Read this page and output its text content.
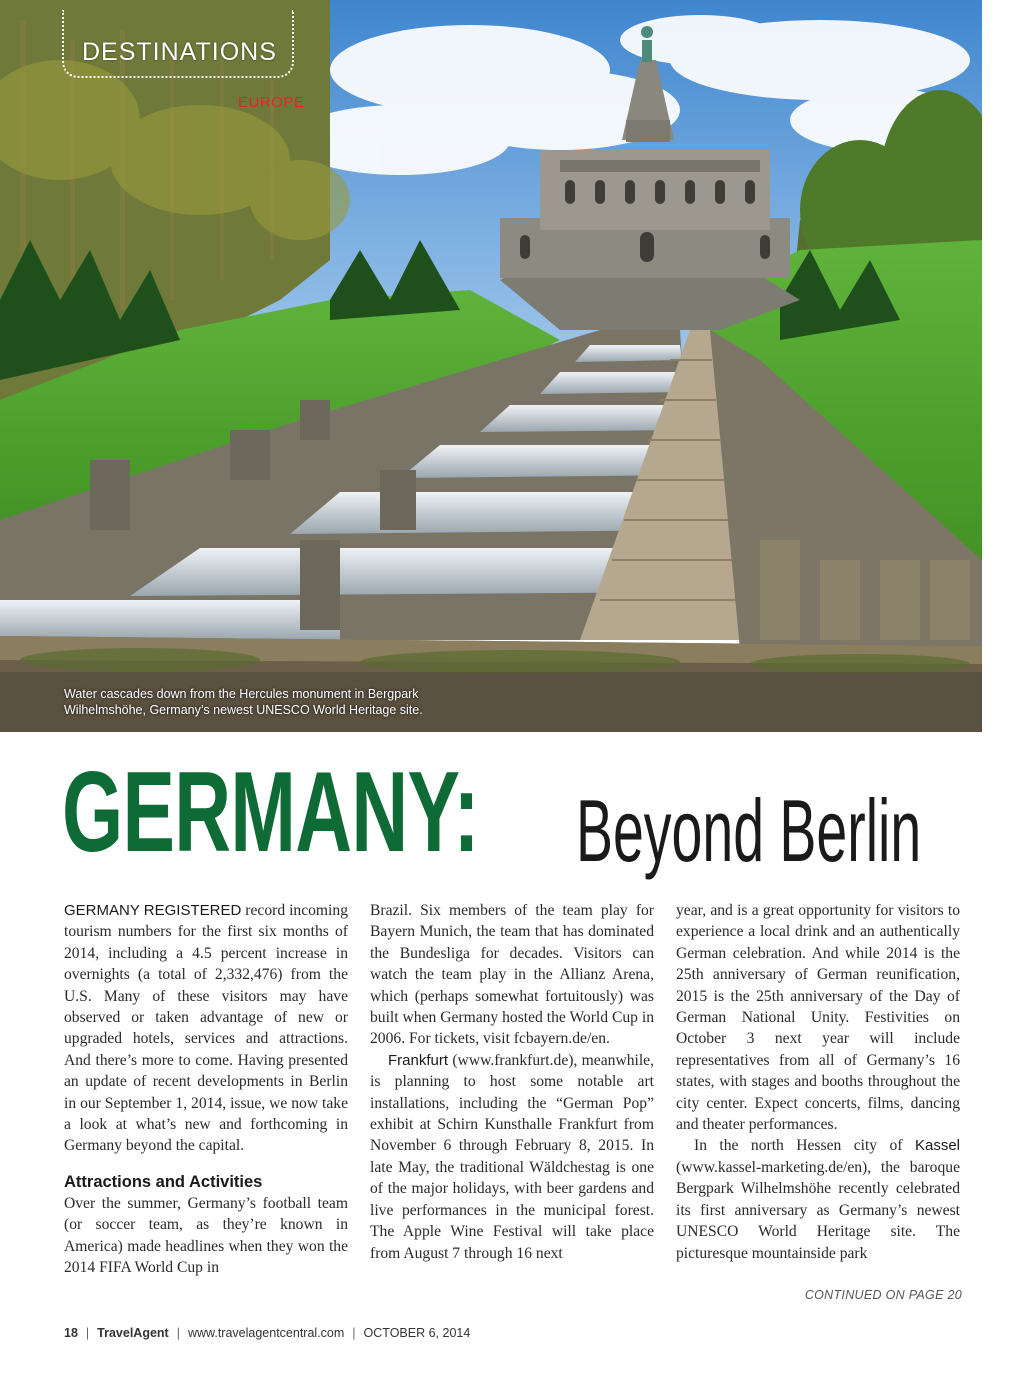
DESTINATIONS
EUROPE
Water cascades down from the Hercules monument in Bergpark
Wilhelmshöhe, Germany’s newest UNESCO World Heritage site.
GERMANY: Beyond Berlin

GERMANY REGISTERED record incoming tourism numbers for the first six months of 2014, including a 4.5 percent increase in overnights (a total of 2,332,476) from the U.S. Many of these visitors may have observed or taken advantage of new or upgraded hotels, services and attractions. And there’s more to come. Having presented an update of recent developments in Berlin in our September 1, 2014, issue, we now take a look at what’s new and forthcoming in Germany beyond the capital.

Attractions and Activities

Over the summer, Germany’s football team (or soccer team, as they’re known in America) made headlines when they won the 2014 FIFA World Cup in

Brazil. Six members of the team play for Bayern Munich, the team that has dominated the Bundesliga for decades. Visitors can watch the team play in the Allianz Arena, which (perhaps somewhat fortuitously) was built when Germany hosted the World Cup in 2006. For tickets, visit fcbayern.de/en.

Frankfurt (www.frankfurt.de), meanwhile, is planning to host some notable art installations, including the “German Pop” exhibit at Schirn Kunsthalle Frankfurt from November 6 through February 8, 2015. In late May, the traditional Wäldchestag is one of the major holidays, with beer gardens and live performances in the municipal forest. The Apple Wine Festival will take place from August 7 through 16 next

year, and is a great opportunity for visitors to experience a local drink and an authentically German celebration. And while 2014 is the 25th anniversary of German reunification, 2015 is the 25th anniversary of the Day of German National Unity. Festivities on October 3 next year will include representatives from all of Germany’s 16 states, with stages and booths throughout the city center. Expect concerts, films, dancing and theater performances.

In the north Hessen city of Kassel (www.kassel-marketing.de/en), the baroque Bergpark Wilhelmshöhe recently celebrated its first anniversary as Germany’s newest UNESCO World Heritage site. The picturesque mountainside park

CONTINUED ON PAGE 20
18 | TravelAgent | www.travelagentcentral.com | OCTOBER 6, 2014
